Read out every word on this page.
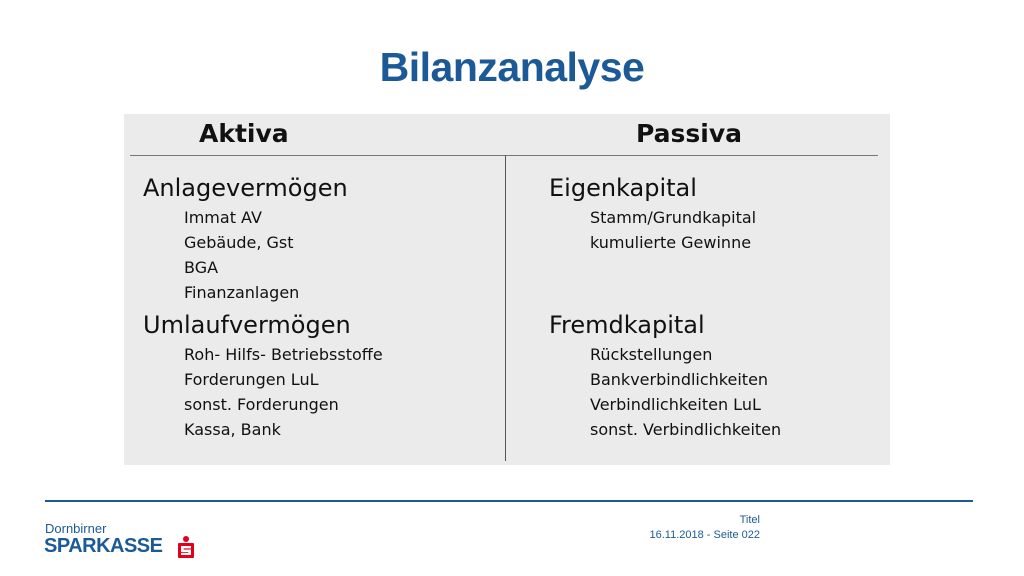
Bilanzanalyse
Aktiva	Passiva
Anlagevermögen
Immat AV
Gebäude, Gst
BGA
Finanzanlagen
Umlaufvermögen
Roh- Hilfs- Betriebsstoffe
Forderungen LuL
sonst. Forderungen
Kassa, Bank
Eigenkapital
Stamm/Grundkapital
kumulierte Gewinne
Fremdkapital
Rückstellungen
Bankverbindlichkeiten
Verbindlichkeiten LuL
sonst. Verbindlichkeiten
Titel
16.11.2018 - Seite 022
Dornbirner
SPARKASSE
